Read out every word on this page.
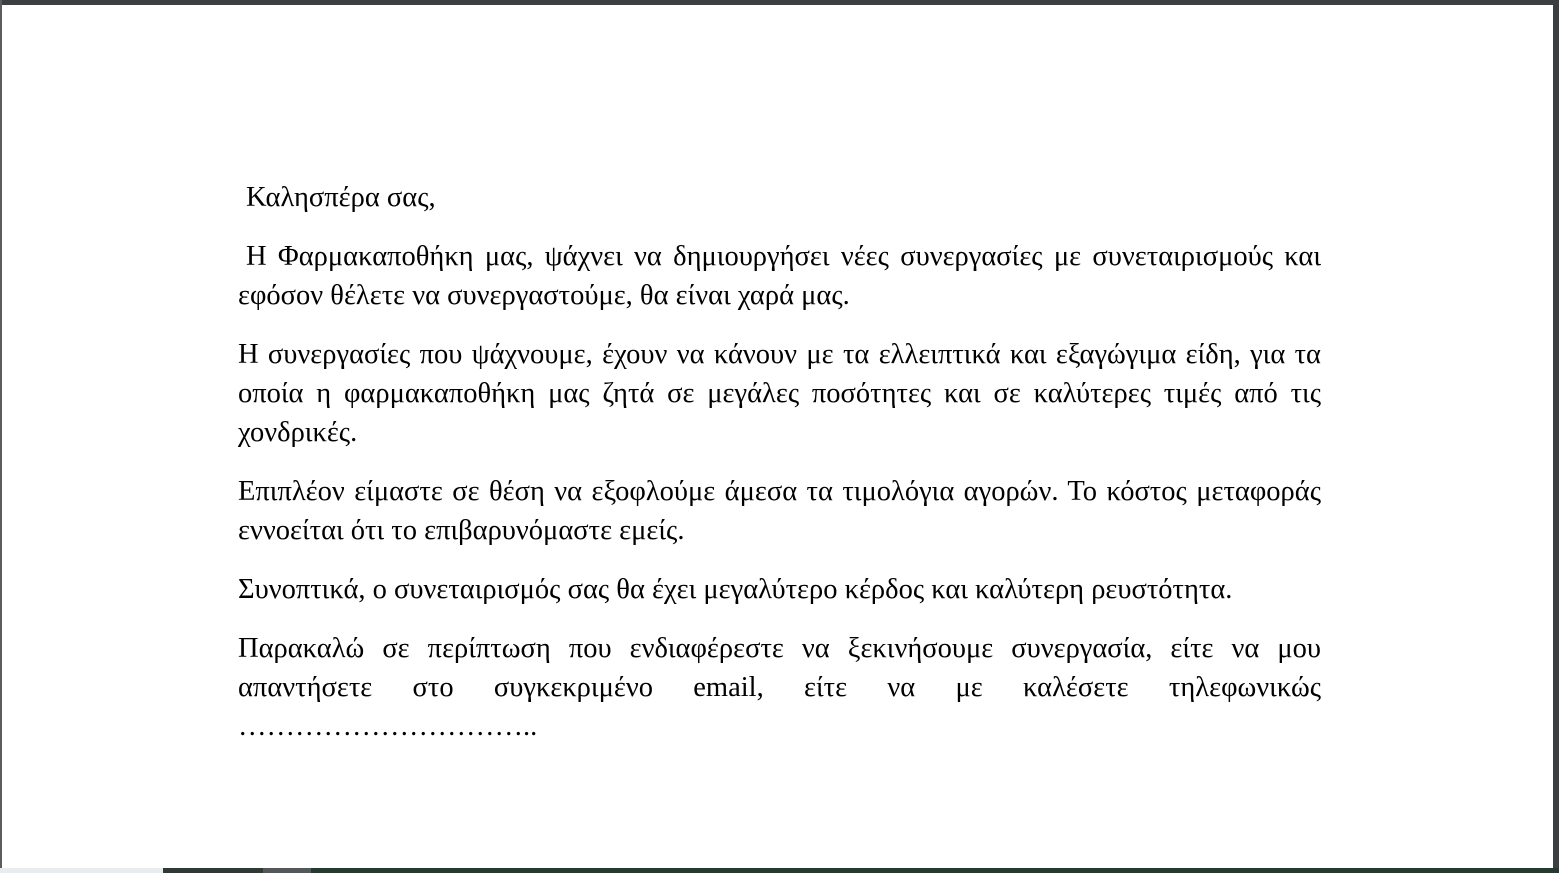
Καλησπέρα σας,

Η Φαρμακαποθήκη μας, ψάχνει να δημιουργήσει νέες συνεργασίες με συνεταιρισμούς και εφόσον θέλετε να συνεργαστούμε, θα είναι χαρά μας.

Η συνεργασίες που ψάχνουμε, έχουν να κάνουν με τα ελλειπτικά και εξαγώγιμα είδη, για τα οποία η φαρμακαποθήκη μας ζητά σε μεγάλες ποσότητες και σε καλύτερες τιμές από τις χονδρικές.

Επιπλέον είμαστε σε θέση να εξοφλούμε άμεσα τα τιμολόγια αγορών. Το κόστος μεταφοράς εννοείται ότι το επιβαρυνόμαστε εμείς.

Συνοπτικά, ο συνεταιρισμός σας θα έχει μεγαλύτερο κέρδος και καλύτερη ρευστότητα.

Παρακαλώ σε περίπτωση που ενδιαφέρεστε να ξεκινήσουμε συνεργασία, είτε να μου απαντήσετε στο συγκεκριμένο email, είτε να με καλέσετε τηλεφωνικώς …………………………..
